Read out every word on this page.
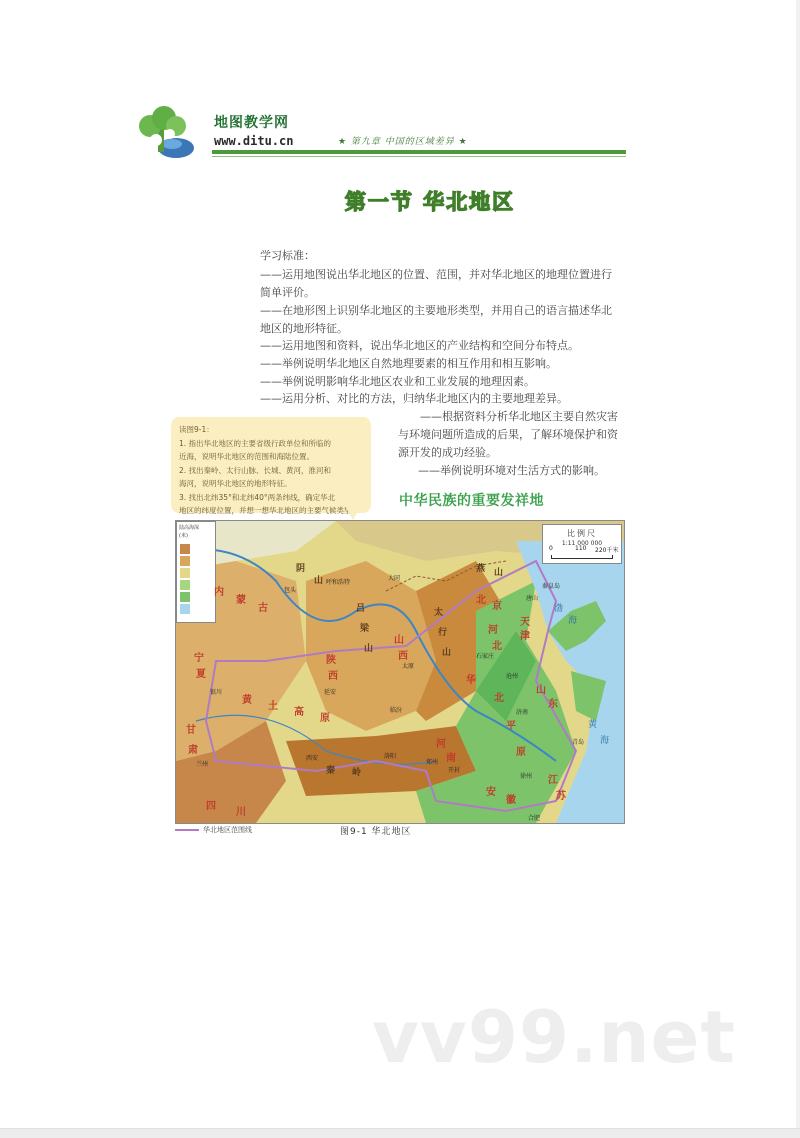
地图教学网
www.ditu.cn	★ 第九章 中国的区域差异 ★
第一节 华北地区
学习标准：
——运用地图说出华北地区的位置、范围，并对华北地区的地理位置进行
简单评价。
——在地形图上识别华北地区的主要地形类型，并用自己的语言描述华北
地区的地形特征。
——运用地图和资料，说出华北地区的产业结构和空间分布特点。
——举例说明华北地区自然地理要素的相互作用和相互影响。
——举例说明影响华北地区农业和工业发展的地理因素。
——运用分析、对比的方法，归纳华北地区内的主要地理差异。
——根据资料分析华北地区主要自然灾害
与环境问题所造成的后果，了解环境保护和资
源开发的成功经验。
——举例说明环境对生活方式的影响。

读图9-1：

1. 指出华北地区的主要省级行政单位和所临的

近海，说明华北地区的范围和海陆位置。

2. 找出秦岭、太行山脉、长城、黄河，淮河和

海河，说明华北地区的地形特征。

3. 找出北纬35°和北纬40°两条纬线，确定华北

地区的纬度位置，并想一想华北地区的主要气候类型。

中华民族的重要发祥地
陆高海深
(米)	比例尺
1:11 000 000
0	110 220千米
阴
山
吕
梁
山
太
行
山
燕 山
秦 岭
内
蒙
古
陕
西
山
西
河
北
北
京
天
津
山
东
河
南
宁
夏
黄
土
高
原
华
北
平
原
甘
肃
四
川
安
徽
江
苏
渤
海
黄
海
呼和浩特
包头
大同
太原
石家庄
济南
青岛
郑州
西安	洛阳
开封
延安
兰州
银川
合肥
徐州
临汾
沧州
唐山
秦皇岛
华北地区范围线	图9-1 华北地区
vv99.net
